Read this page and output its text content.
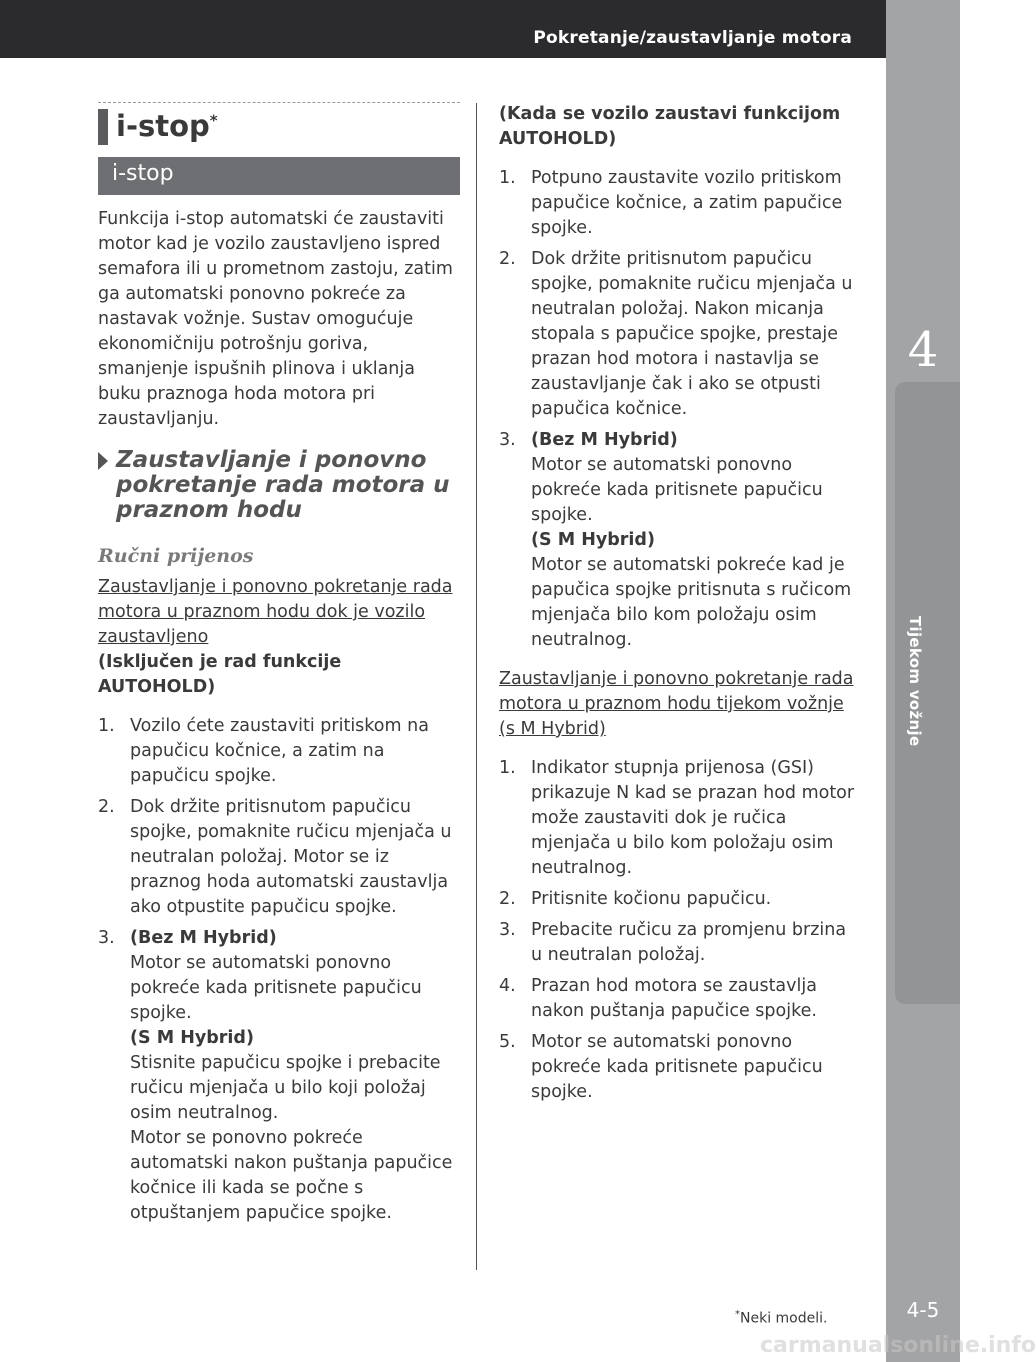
Pokretanje/zaustavljanje motora
4
Tijekom vožnje
4-5
carmanualsonline.info
i-stop*
i-stop
Funkcija i-stop automatski će zaustaviti motor kad je vozilo zaustavljeno ispred semafora ili u prometnom zastoju, zatim ga automatski ponovno pokreće za nastavak vožnje. Sustav omogućuje ekonomičniju potrošnju goriva, smanjenje ispušnih plinova i uklanja buku praznoga hoda motora pri zaustavljanju.
Zaustavljanje i ponovno pokretanje rada motora u praznom hodu
Ručni prijenos
Zaustavljanje i ponovno pokretanje rada motora u praznom hodu dok je vozilo zaustavljeno
(Isključen je rad funkcije AUTOHOLD)
1. Vozilo ćete zaustaviti pritiskom na papučicu kočnice, a zatim na papučicu spojke.
2. Dok držite pritisnutom papučicu spojke, pomaknite ručicu mjenjača u neutralan položaj. Motor se iz praznog hoda automatski zaustavlja ako otpustite papučicu spojke.
3. (Bez M Hybrid)
Motor se automatski ponovno pokreće kada pritisnete papučicu spojke.
(S M Hybrid)
Stisnite papučicu spojke i prebacite ručicu mjenjača u bilo koji položaj osim neutralnog.
Motor se ponovno pokreće automatski nakon puštanja papučice kočnice ili kada se počne s otpuštanjem papučice spojke.
(Kada se vozilo zaustavi funkcijom AUTOHOLD)
1. Potpuno zaustavite vozilo pritiskom papučice kočnice, a zatim papučice spojke.
2. Dok držite pritisnutom papučicu spojke, pomaknite ručicu mjenjača u neutralan položaj. Nakon micanja stopala s papučice spojke, prestaje prazan hod motora i nastavlja se zaustavljanje čak i ako se otpusti papučica kočnice.
3. (Bez M Hybrid)
Motor se automatski ponovno pokreće kada pritisnete papučicu spojke.
(S M Hybrid)
Motor se automatski pokreće kad je papučica spojke pritisnuta s ručicom mjenjača bilo kom položaju osim neutralnog.
Zaustavljanje i ponovno pokretanje rada motora u praznom hodu tijekom vožnje (s M Hybrid)
1. Indikator stupnja prijenosa (GSI) prikazuje N kad se prazan hod motor može zaustaviti dok je ručica mjenjača u bilo kom položaju osim neutralnog.
2. Pritisnite kočionu papučicu.
3. Prebacite ručicu za promjenu brzina u neutralan položaj.
4. Prazan hod motora se zaustavlja nakon puštanja papučice spojke.
5. Motor se automatski ponovno pokreće kada pritisnete papučicu spojke.
*Neki modeli.
